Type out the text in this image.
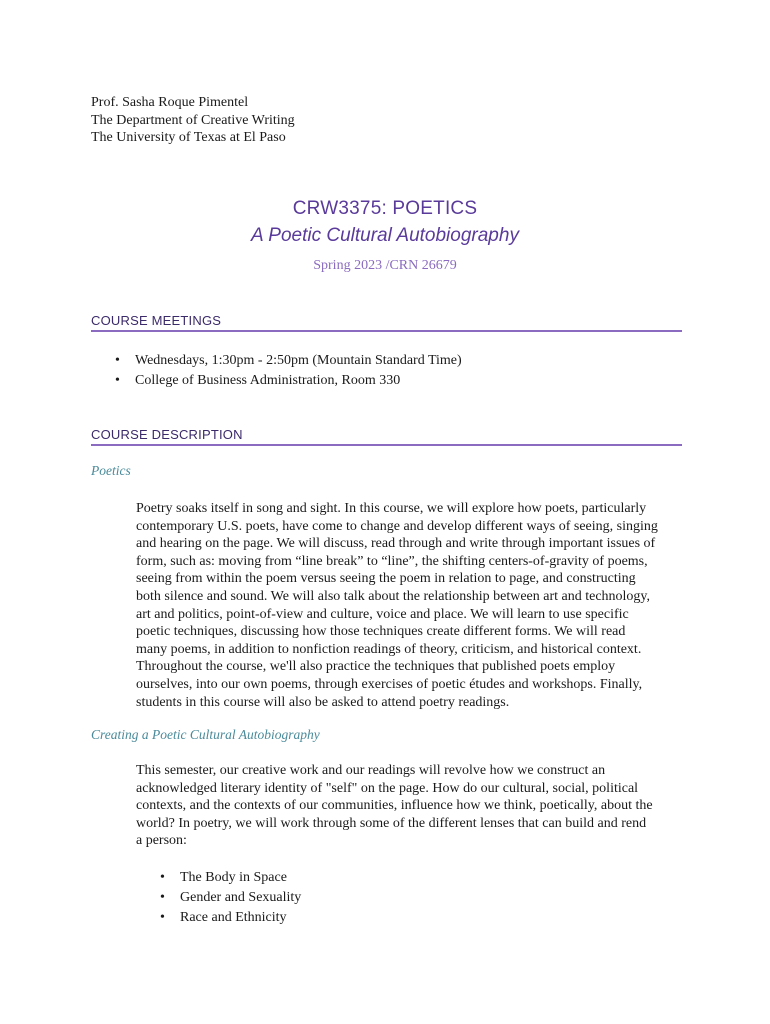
Prof. Sasha Roque Pimentel
The Department of Creative Writing
The University of Texas at El Paso
CRW3375: POETICS
A Poetic Cultural Autobiography
Spring 2023 /CRN 26679
COURSE MEETINGS
• Wednesdays, 1:30pm - 2:50pm (Mountain Standard Time)
• College of Business Administration, Room 330
COURSE DESCRIPTION
Poetics
Poetry soaks itself in song and sight. In this course, we will explore how poets, particularly
contemporary U.S. poets, have come to change and develop different ways of seeing, singing
and hearing on the page. We will discuss, read through and write through important issues of
form, such as: moving from “line break” to “line”, the shifting centers-of-gravity of poems,
seeing from within the poem versus seeing the poem in relation to page, and constructing
both silence and sound. We will also talk about the relationship between art and technology,
art and politics, point-of-view and culture, voice and place. We will learn to use specific
poetic techniques, discussing how those techniques create different forms. We will read
many poems, in addition to nonfiction readings of theory, criticism, and historical context.
Throughout the course, we'll also practice the techniques that published poets employ
ourselves, into our own poems, through exercises of poetic études and workshops. Finally,
students in this course will also be asked to attend poetry readings.
Creating a Poetic Cultural Autobiography
This semester, our creative work and our readings will revolve how we construct an
acknowledged literary identity of "self" on the page. How do our cultural, social, political
contexts, and the contexts of our communities, influence how we think, poetically, about the
world? In poetry, we will work through some of the different lenses that can build and rend
a person:
• The Body in Space
• Gender and Sexuality
• Race and Ethnicity
